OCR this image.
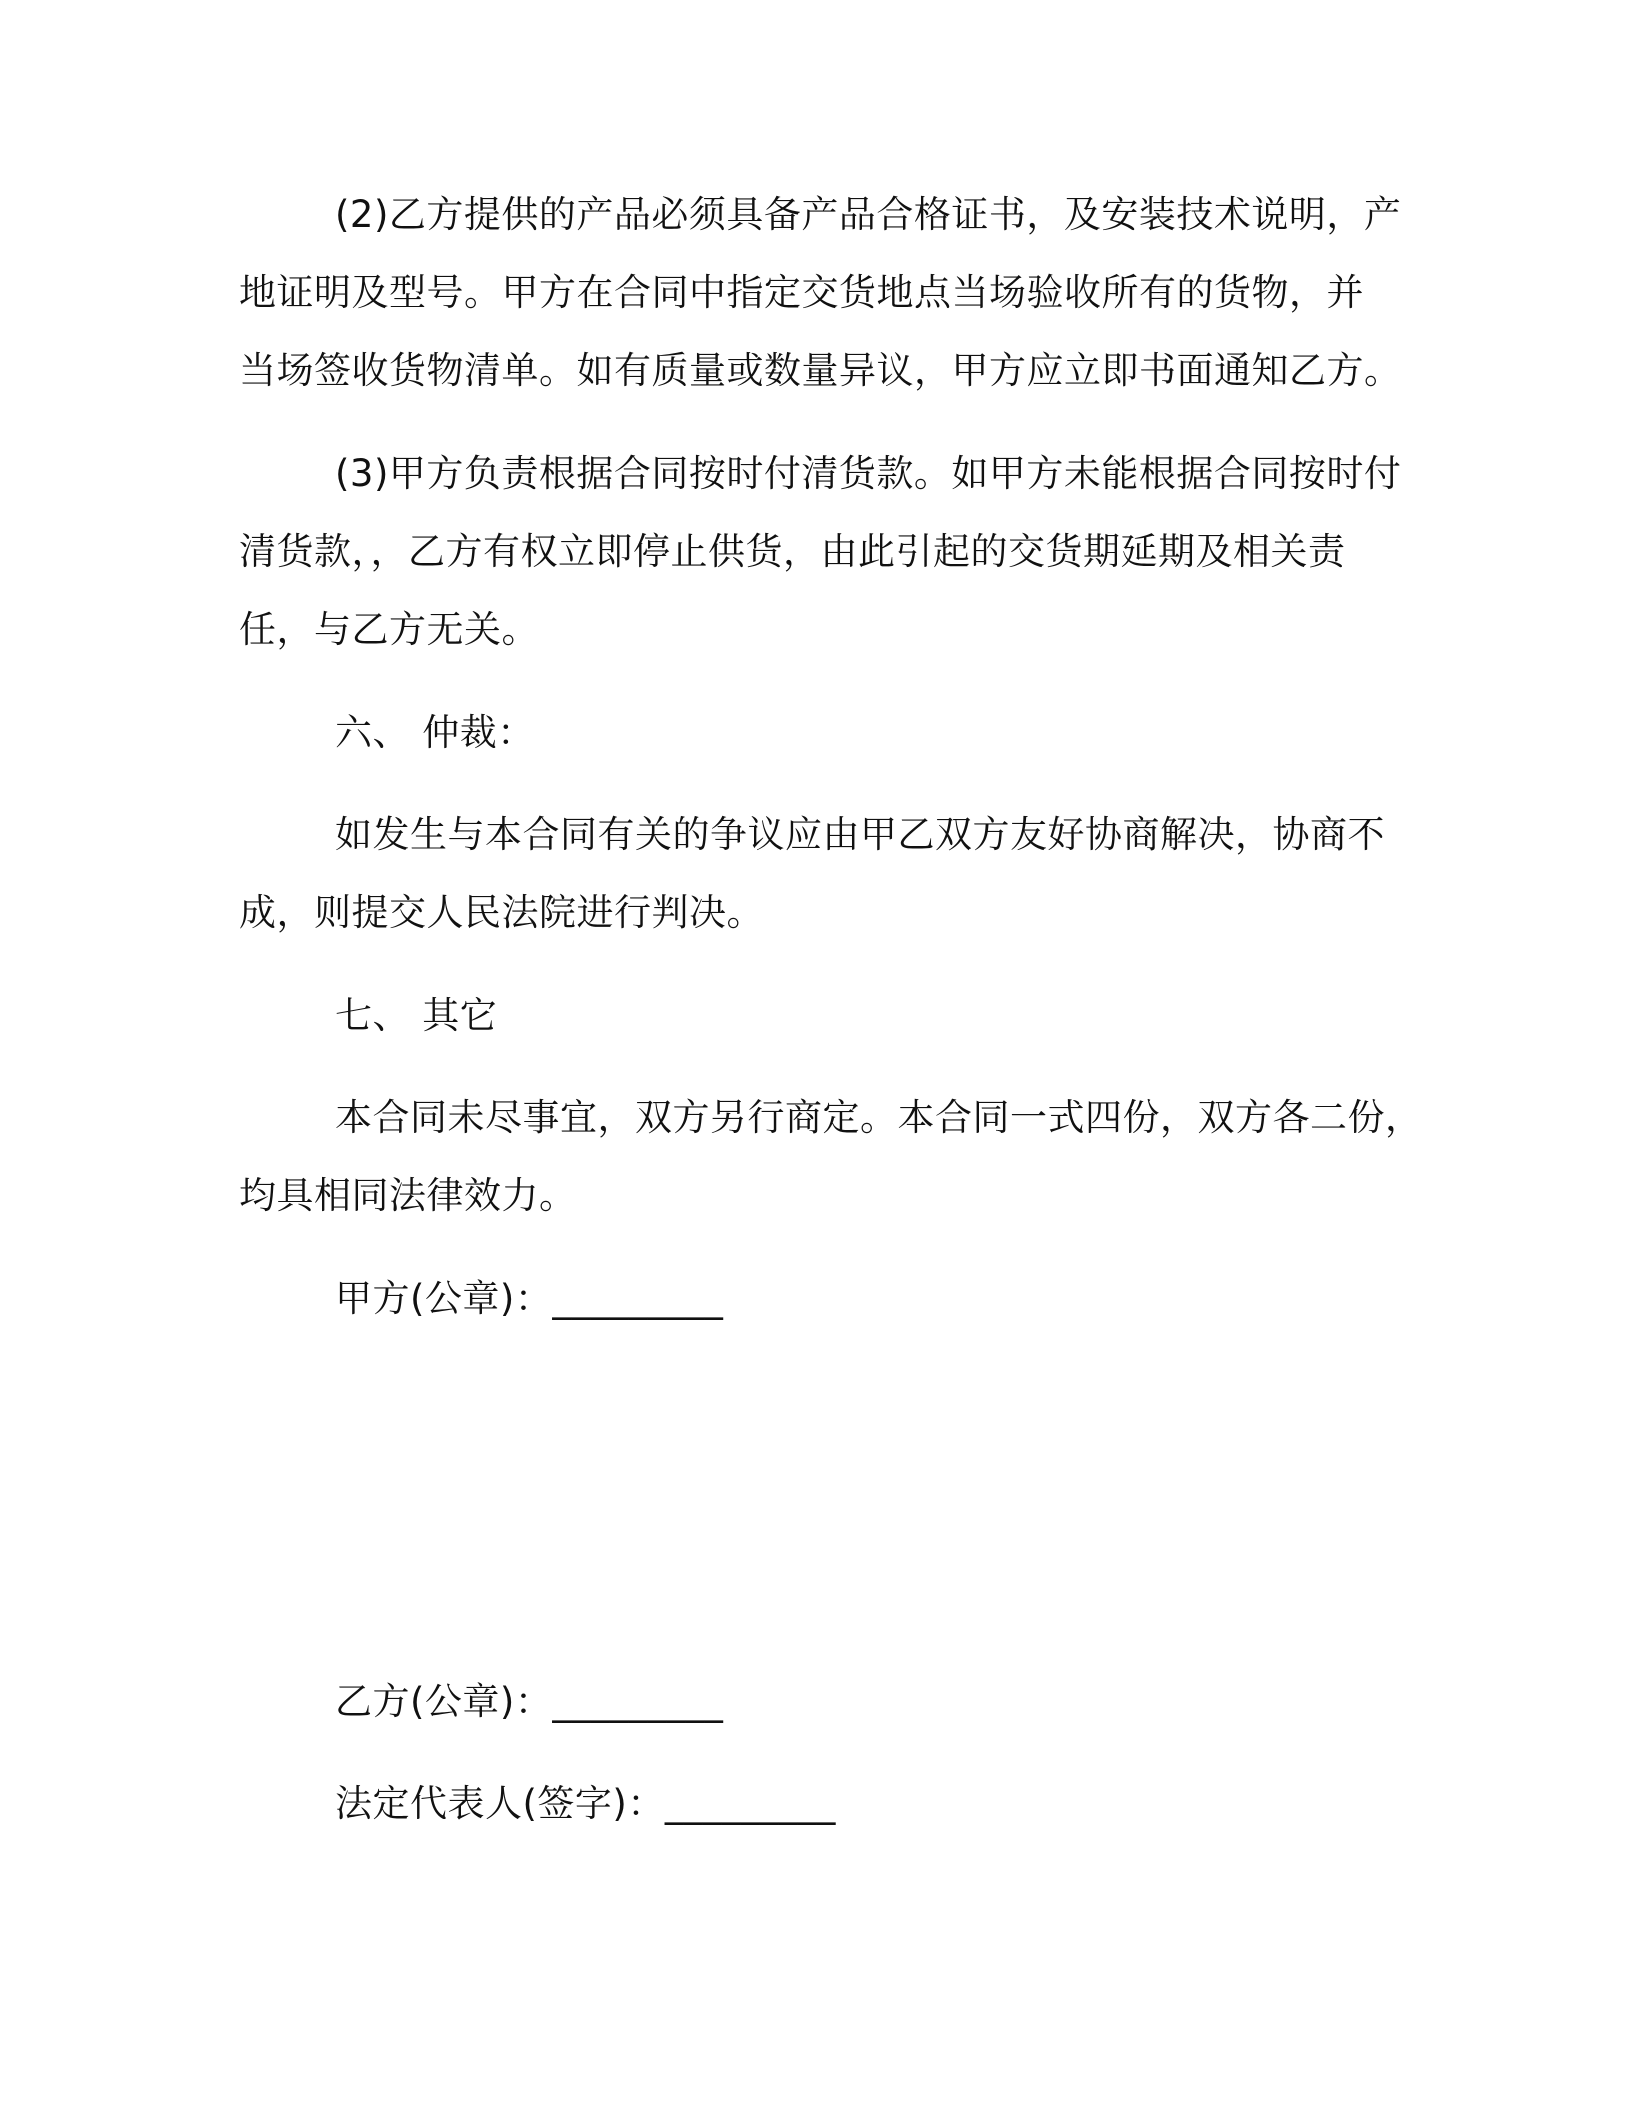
(2)乙方提供的产品必须具备产品合格证书，及安装技术说明，产
地证明及型号。甲方在合同中指定交货地点当场验收所有的货物，并
当场签收货物清单。如有质量或数量异议，甲方应立即书面通知乙方。
(3)甲方负责根据合同按时付清货款。如甲方未能根据合同按时付
清货款，，乙方有权立即停止供货，由此引起的交货期延期及相关责
任，与乙方无关。
六、 仲裁：
如发生与本合同有关的争议应由甲乙双方友好协商解决，协商不
成，则提交人民法院进行判决。
七、 其它
本合同未尽事宜，双方另行商定。本合同一式四份，双方各二份，
均具相同法律效力。
甲方(公章)：_________
乙方(公章)：_________
法定代表人(签字)：_________
